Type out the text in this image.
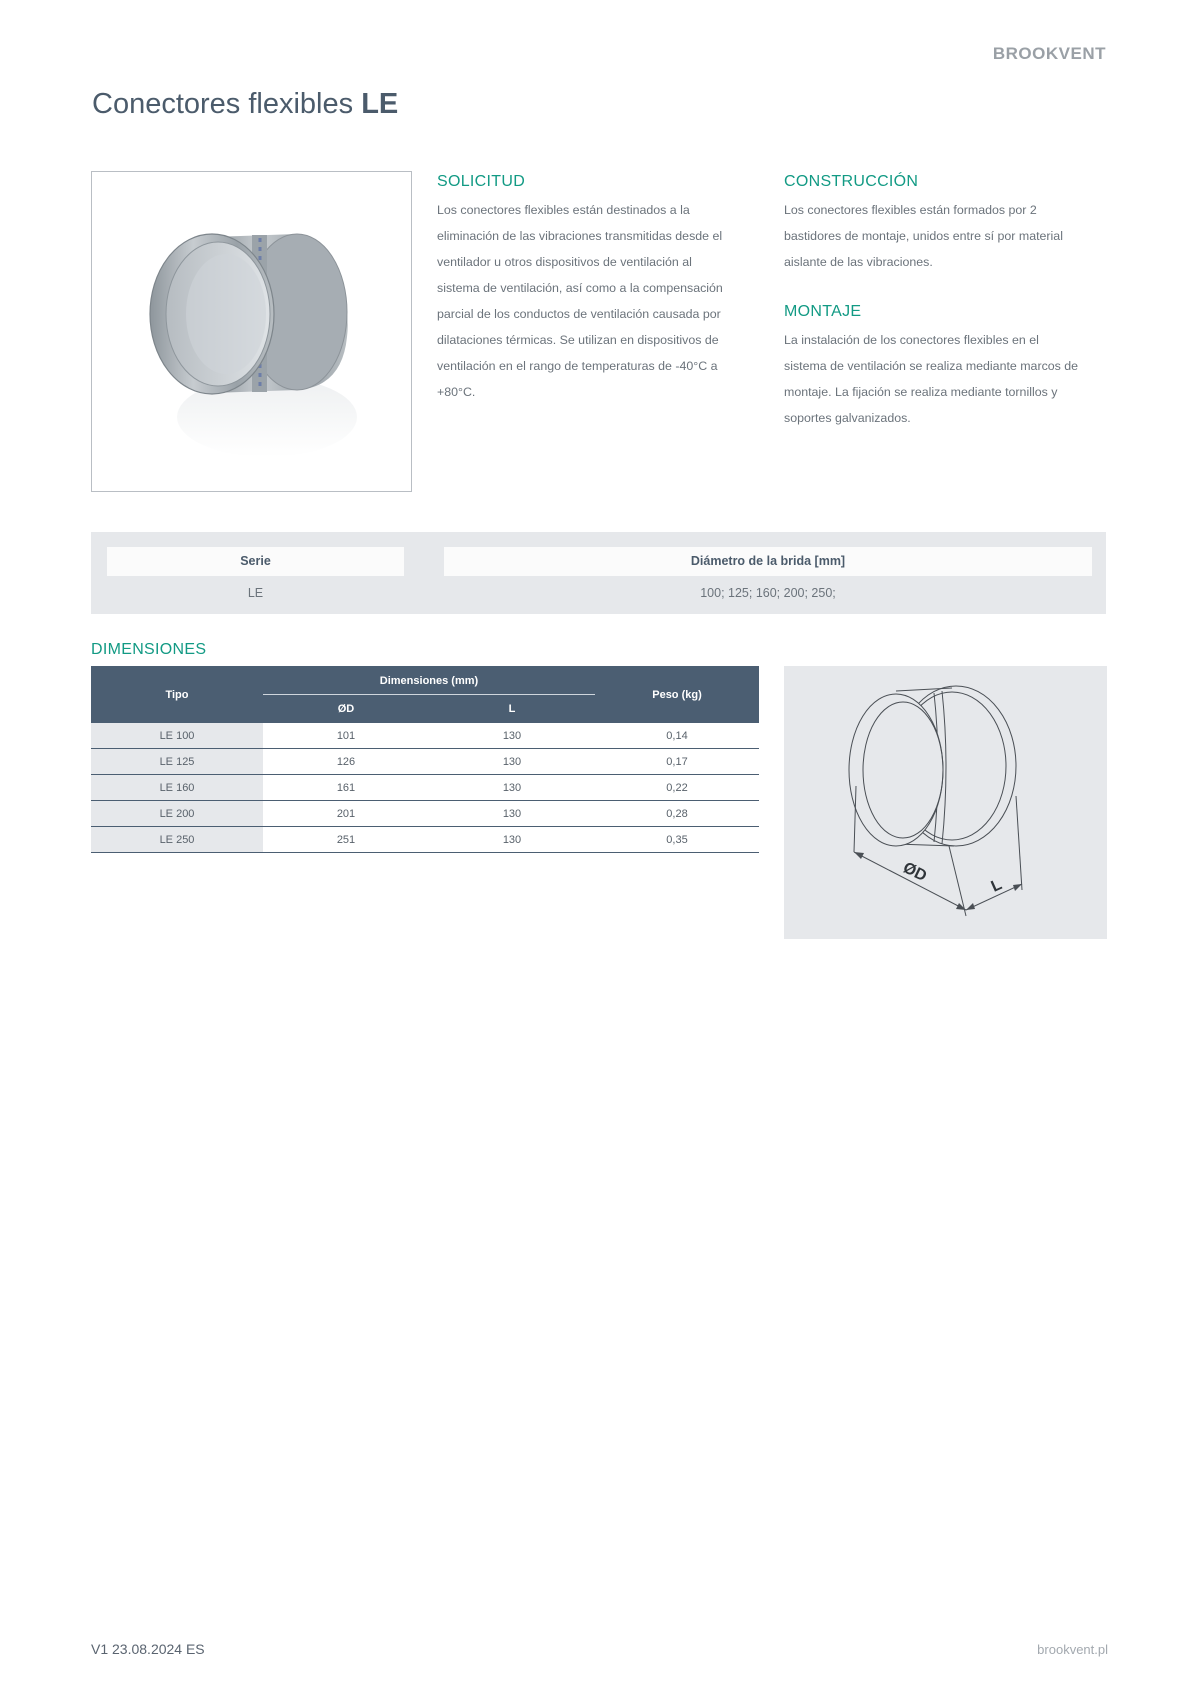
BROOKVENT
Conectores flexibles LE
SOLICITUD

Los conectores flexibles están destinados a la eliminación de las vibraciones transmitidas desde el ventilador u otros dispositivos de ventilación al sistema de ventilación, así como a la compensación parcial de los conductos de ventilación causada por dilataciones térmicas. Se utilizan en dispositivos de ventilación en el rango de temperaturas de -40°C a +80°C.

CONSTRUCCIÓN

Los conectores flexibles están formados por 2 bastidores de montaje, unidos entre sí por material aislante de las vibraciones.

MONTAJE

La instalación de los conectores flexibles en el sistema de ventilación se realiza mediante marcos de montaje. La fijación se realiza mediante tornillos y soportes galvanizados.

Serie	Diámetro de la brida [mm]
LE	100; 125; 160; 200; 250;
DIMENSIONES
Tipo	Dimensiones (mm)		Peso (kg)
	ØD	L	
LE 100	101	130	0,14
LE 125	126	130	0,17
LE 160	161	130	0,22
LE 200	201	130	0,28
LE 250	251	130	0,35
ØD
L
V1 23.08.2024 ES	brookvent.pl
